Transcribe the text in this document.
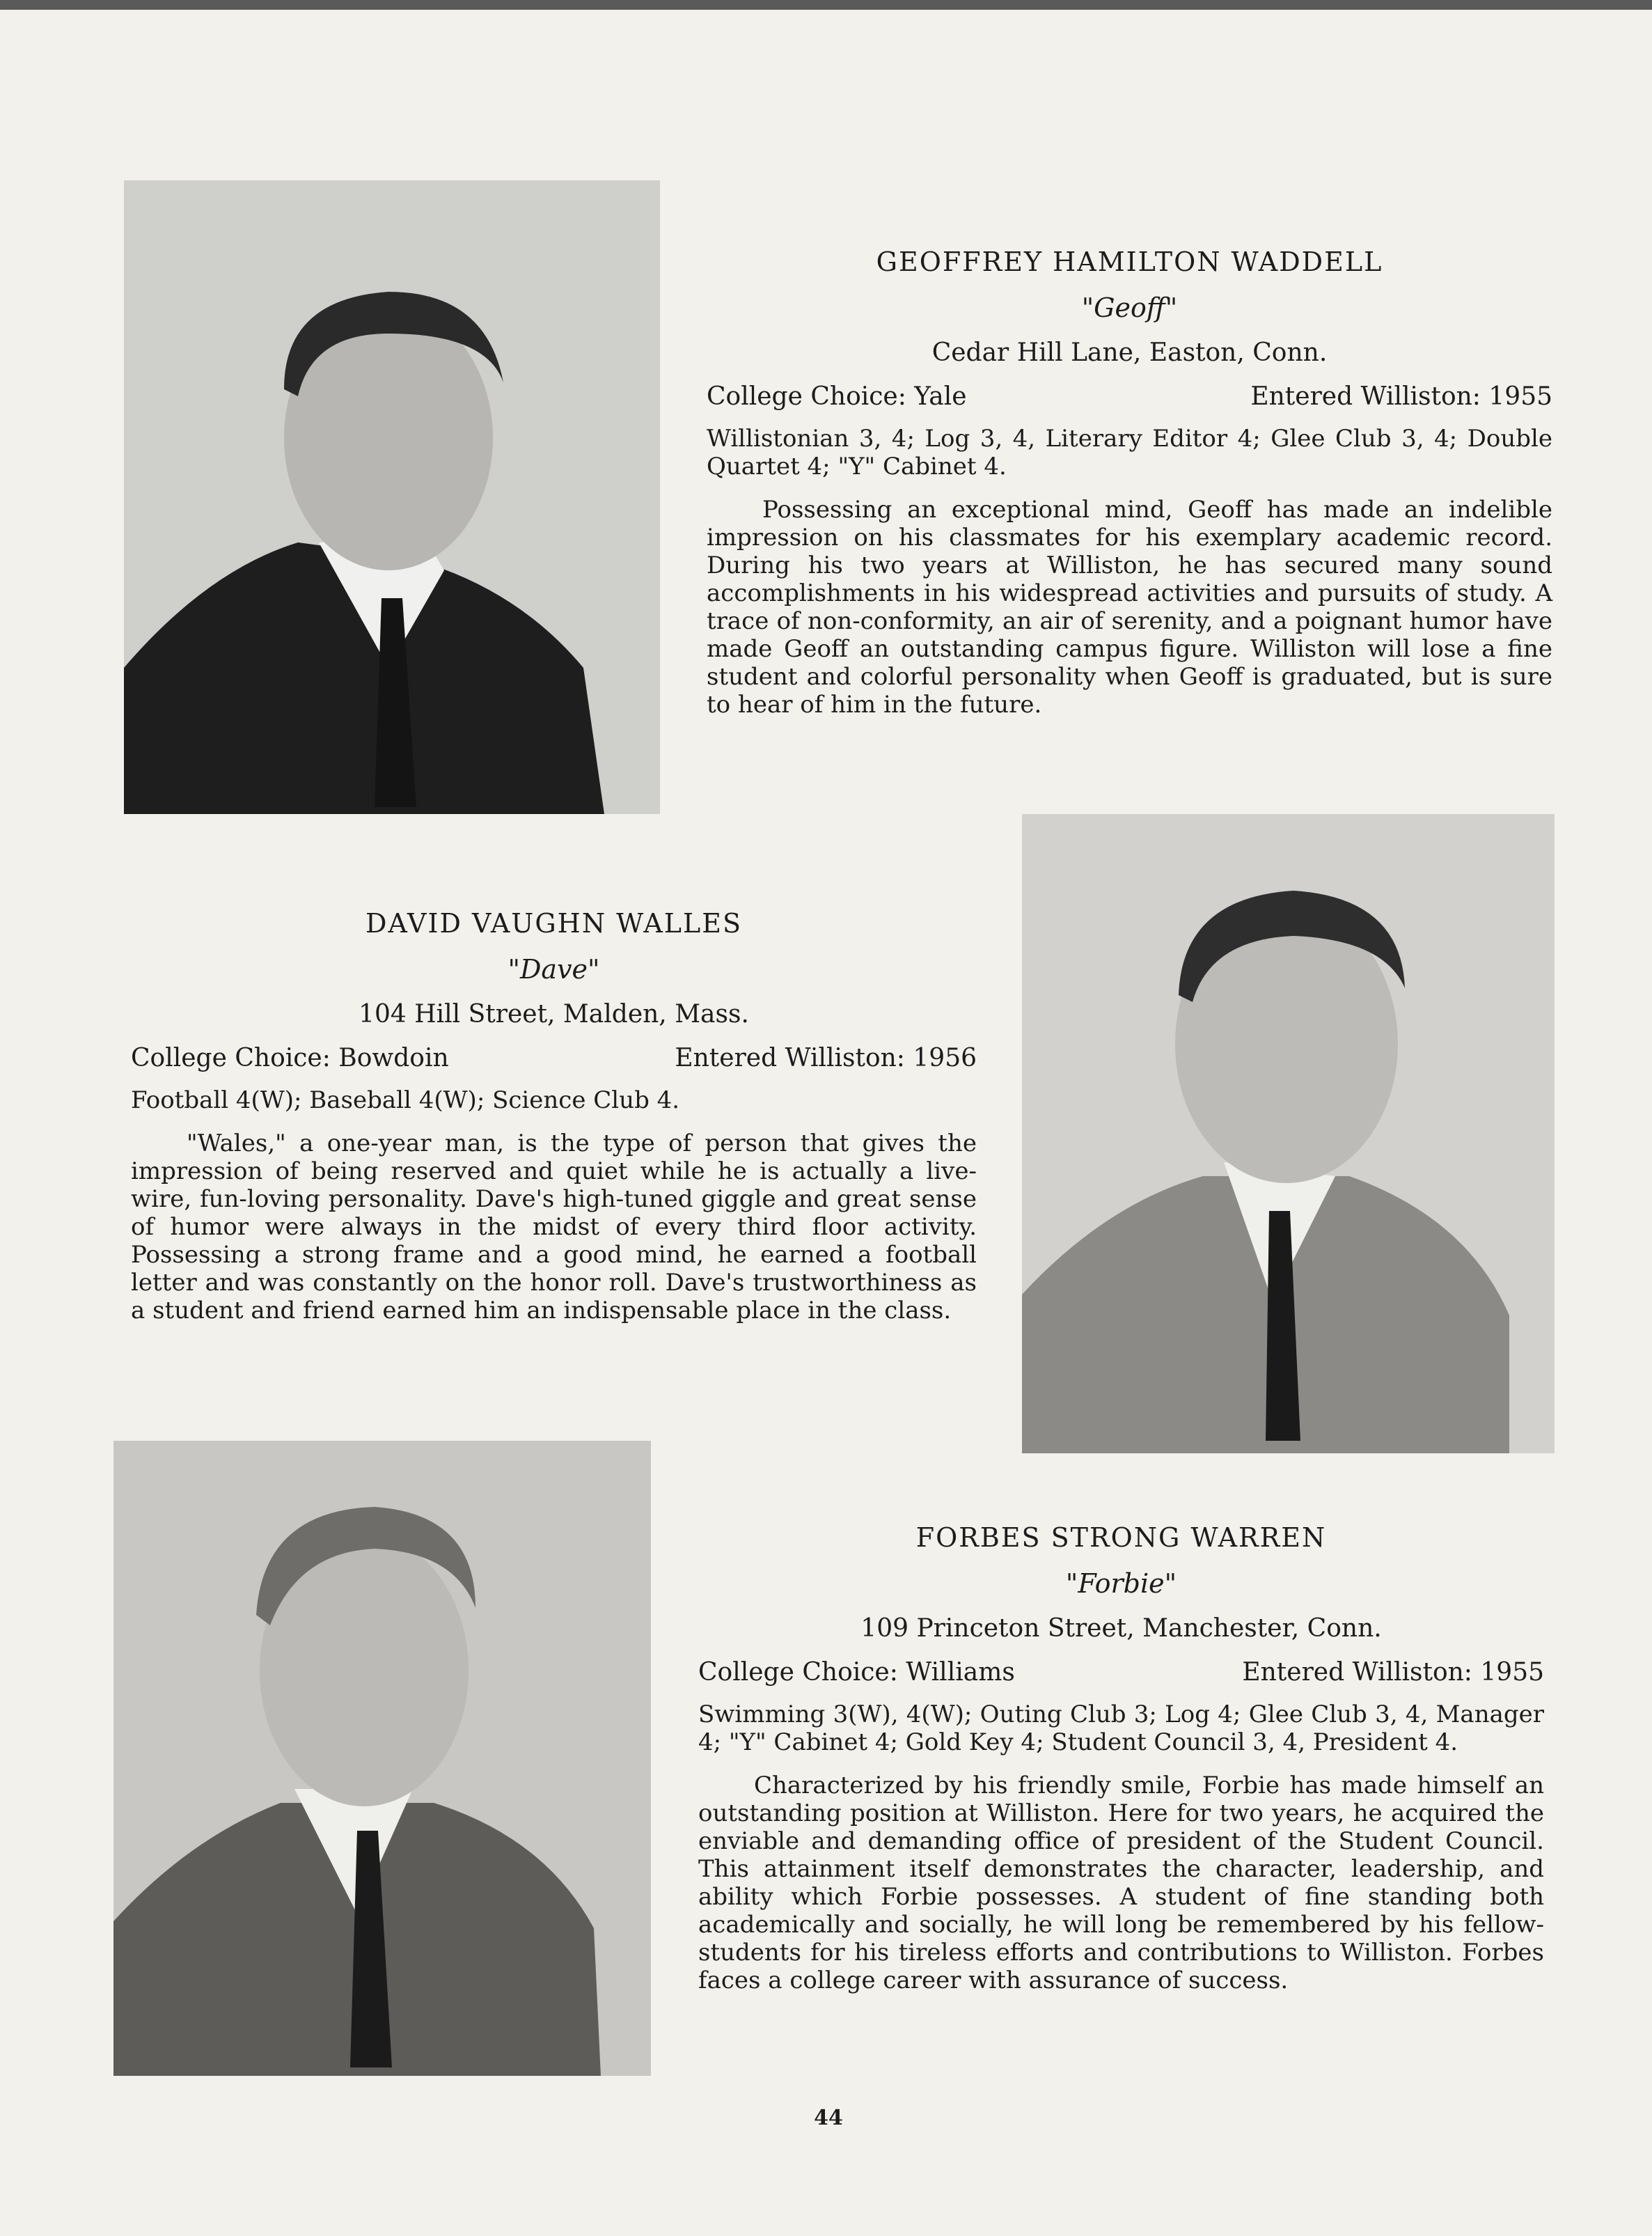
GEOFFREY HAMILTON WADDELL

"Geoff"

Cedar Hill Lane, Easton, Conn.

College Choice: Yale	Entered Williston: 1955

Willistonian 3, 4; Log 3, 4, Literary Editor 4; Glee Club 3, 4; Double Quartet 4; "Y" Cabinet 4.

Possessing an exceptional mind, Geoff has made an indelible impression on his classmates for his exemplary academic record. During his two years at Williston, he has secured many sound accomplishments in his widespread activities and pursuits of study. A trace of non-conformity, an air of serenity, and a poignant humor have made Geoff an outstanding campus figure. Williston will lose a fine student and colorful personality when Geoff is graduated, but is sure to hear of him in the future.

DAVID VAUGHN WALLES

"Dave"

104 Hill Street, Malden, Mass.

College Choice: Bowdoin	Entered Williston: 1956

Football 4(W); Baseball 4(W); Science Club 4.

"Wales," a one-year man, is the type of person that gives the impression of being reserved and quiet while he is actually a live-wire, fun-loving personality. Dave's high-tuned giggle and great sense of humor were always in the midst of every third floor activity. Possessing a strong frame and a good mind, he earned a football letter and was constantly on the honor roll. Dave's trustworthiness as a student and friend earned him an indispensable place in the class.

FORBES STRONG WARREN

"Forbie"

109 Princeton Street, Manchester, Conn.

College Choice: Williams	Entered Williston: 1955

Swimming 3(W), 4(W); Outing Club 3; Log 4; Glee Club 3, 4, Manager 4; "Y" Cabinet 4; Gold Key 4; Student Council 3, 4, President 4.

Characterized by his friendly smile, Forbie has made himself an outstanding position at Williston. Here for two years, he acquired the enviable and demanding office of president of the Student Council. This attainment itself demonstrates the character, leadership, and ability which Forbie possesses. A student of fine standing both academically and socially, he will long be remembered by his fellow-students for his tireless efforts and contributions to Williston. Forbes faces a college career with assurance of success.

44
